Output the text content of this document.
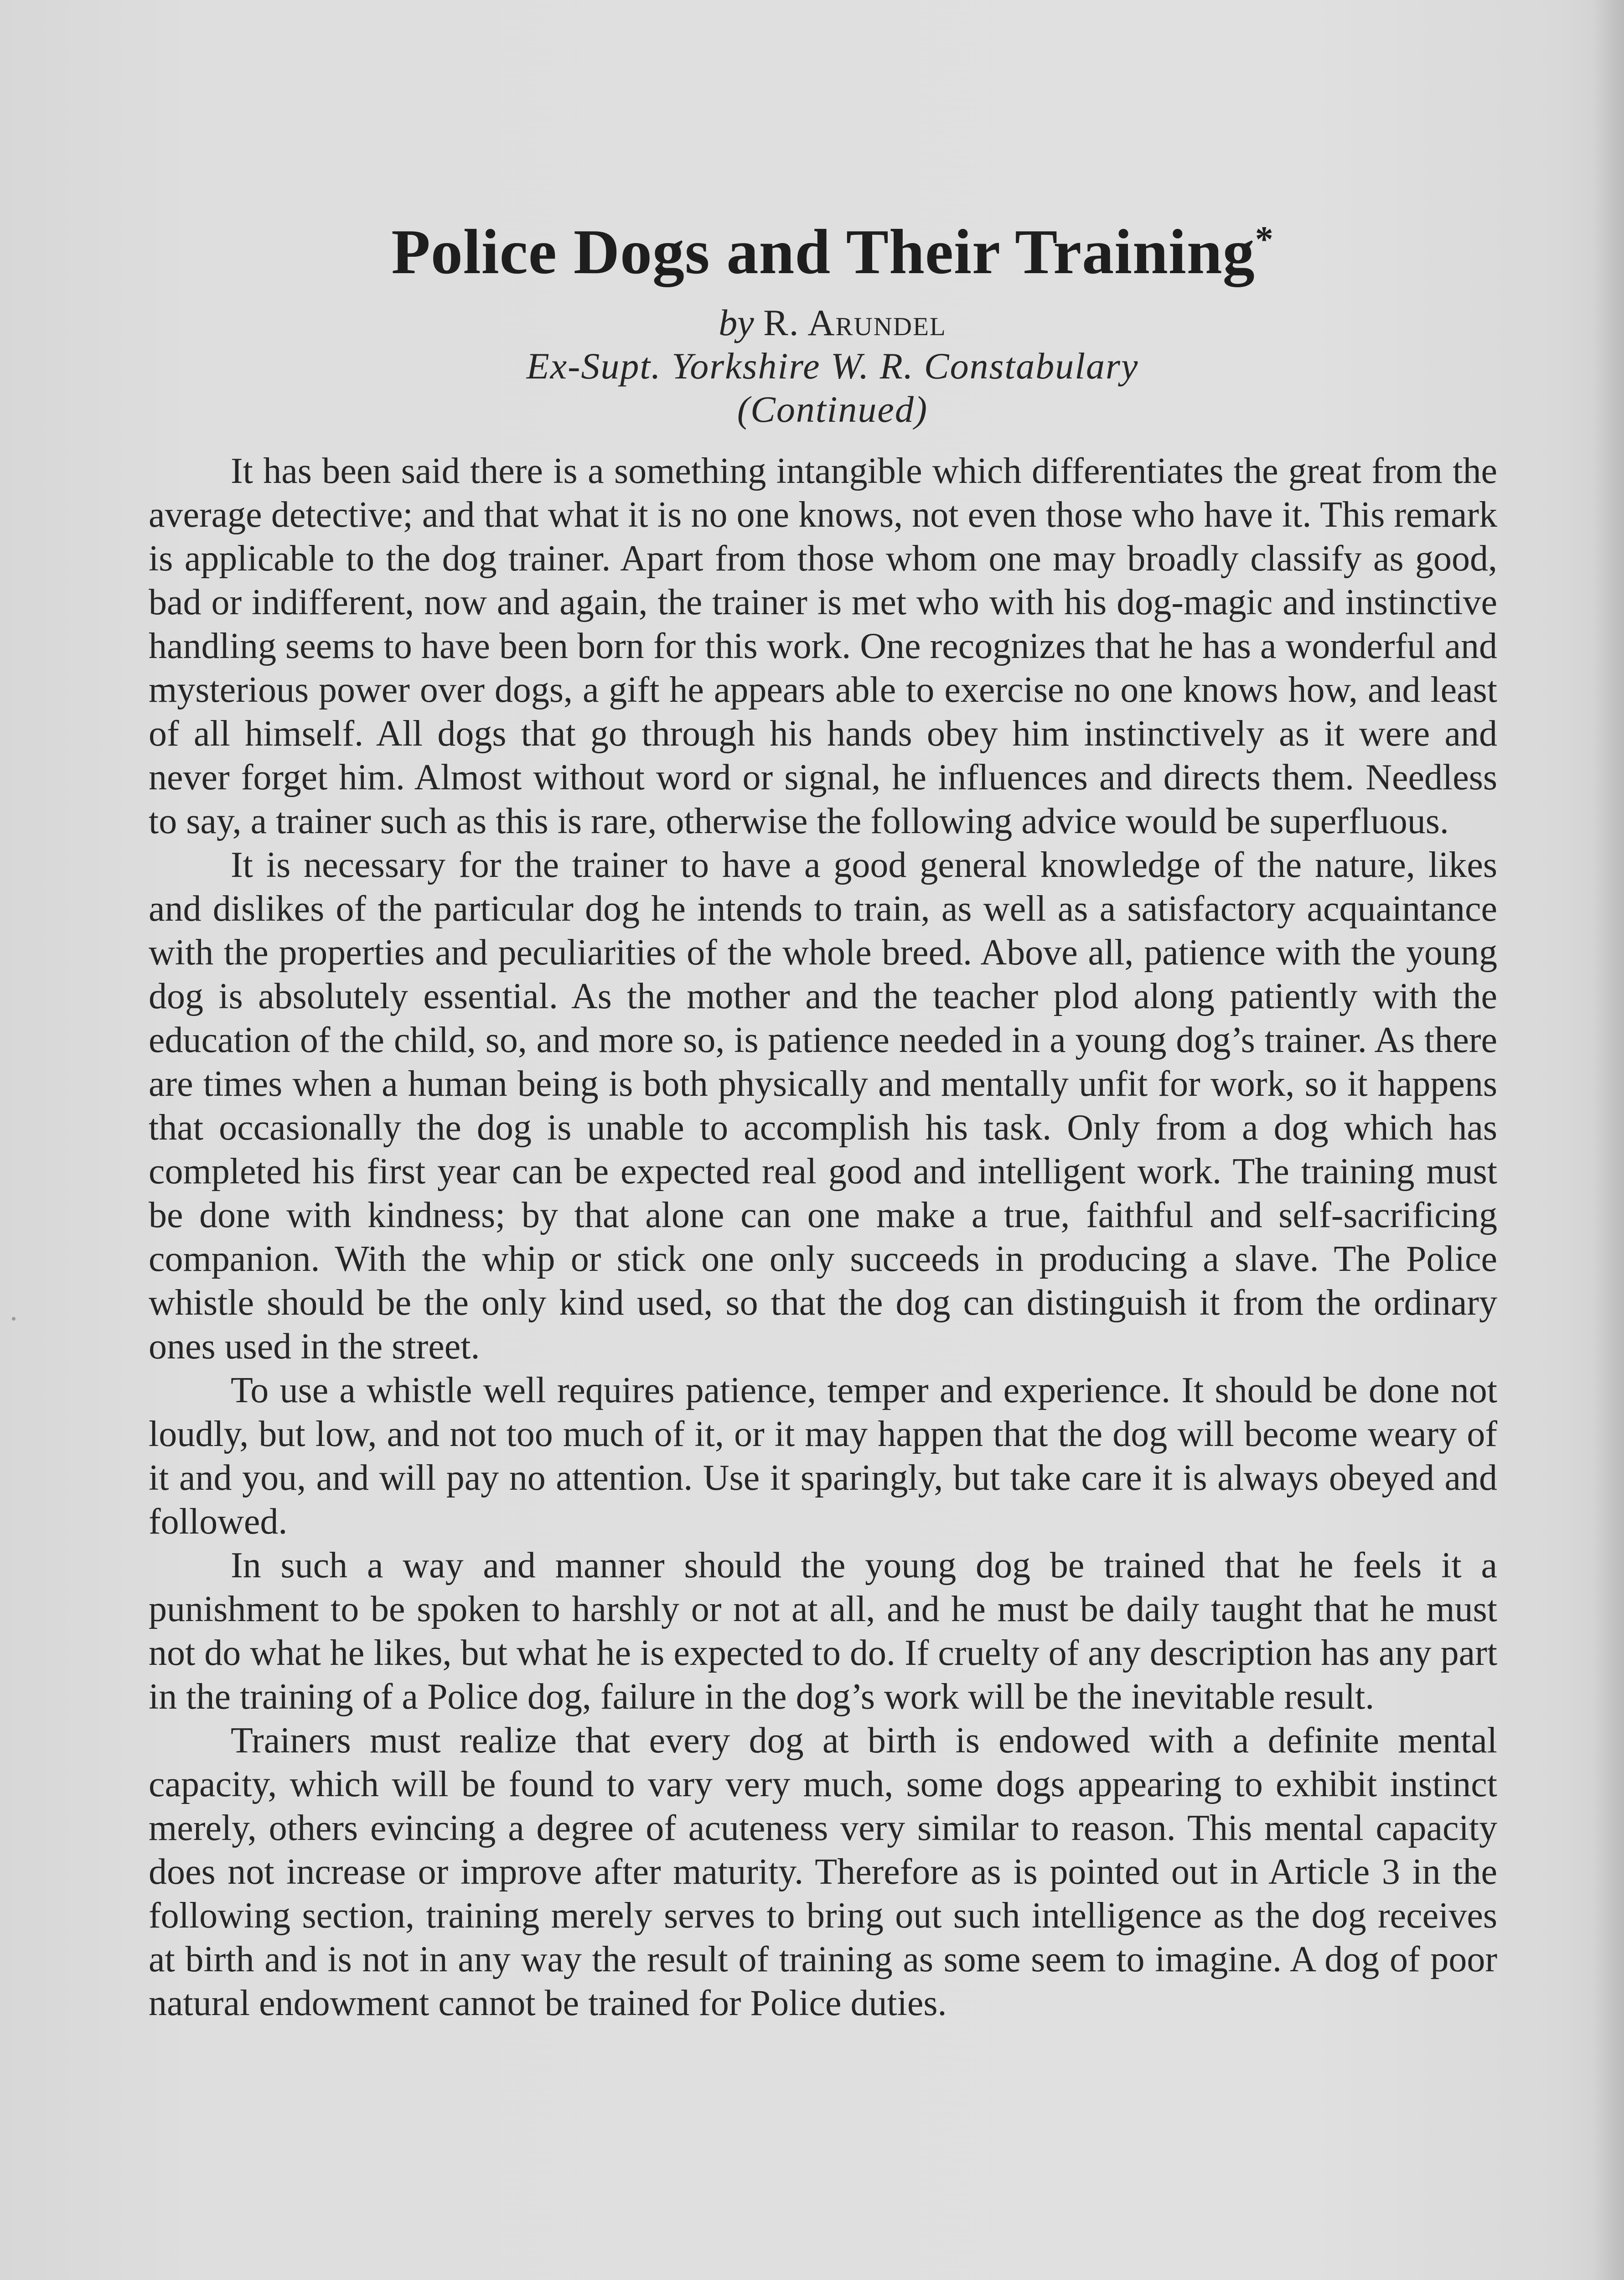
Police Dogs and Their Training*
by R. Arundel
Ex-Supt. Yorkshire W. R. Constabulary
(Continued)

It has been said there is a something intangible which differentiates the great from the average detective; and that what it is no one knows, not even those who have it. This remark is applicable to the dog trainer. Apart from those whom one may broadly classify as good, bad or indifferent, now and again, the trainer is met who with his dog-magic and instinctive handling seems to have been born for this work. One recognizes that he has a wonderful and mysterious power over dogs, a gift he appears able to exercise no one knows how, and least of all himself. All dogs that go through his hands obey him instinctively as it were and never forget him. Almost without word or signal, he influences and directs them. Needless to say, a trainer such as this is rare, otherwise the following advice would be superfluous.

It is necessary for the trainer to have a good general knowledge of the nature, likes and dislikes of the particular dog he intends to train, as well as a satisfactory acquaintance with the properties and peculiarities of the whole breed. Above all, patience with the young dog is absolutely essential. As the mother and the teacher plod along patiently with the education of the child, so, and more so, is patience needed in a young dog’s trainer. As there are times when a human being is both physically and mentally unfit for work, so it happens that occasionally the dog is unable to accomplish his task. Only from a dog which has completed his first year can be expected real good and intelligent work. The training must be done with kindness; by that alone can one make a true, faithful and self-sacrificing companion. With the whip or stick one only succeeds in producing a slave. The Police whistle should be the only kind used, so that the dog can distinguish it from the ordinary ones used in the street.

To use a whistle well requires patience, temper and experience. It should be done not loudly, but low, and not too much of it, or it may happen that the dog will become weary of it and you, and will pay no attention. Use it sparingly, but take care it is always obeyed and followed.

In such a way and manner should the young dog be trained that he feels it a punishment to be spoken to harshly or not at all, and he must be daily taught that he must not do what he likes, but what he is expected to do. If cruelty of any description has any part in the training of a Police dog, failure in the dog’s work will be the inevitable result.

Trainers must realize that every dog at birth is endowed with a definite mental capacity, which will be found to vary very much, some dogs appearing to exhibit instinct merely, others evincing a degree of acuteness very similar to reason. This mental capacity does not increase or improve after maturity. Therefore as is pointed out in Article 3 in the following section, training merely serves to bring out such intelligence as the dog receives at birth and is not in any way the result of training as some seem to imagine. A dog of poor natural endowment cannot be trained for Police duties.
